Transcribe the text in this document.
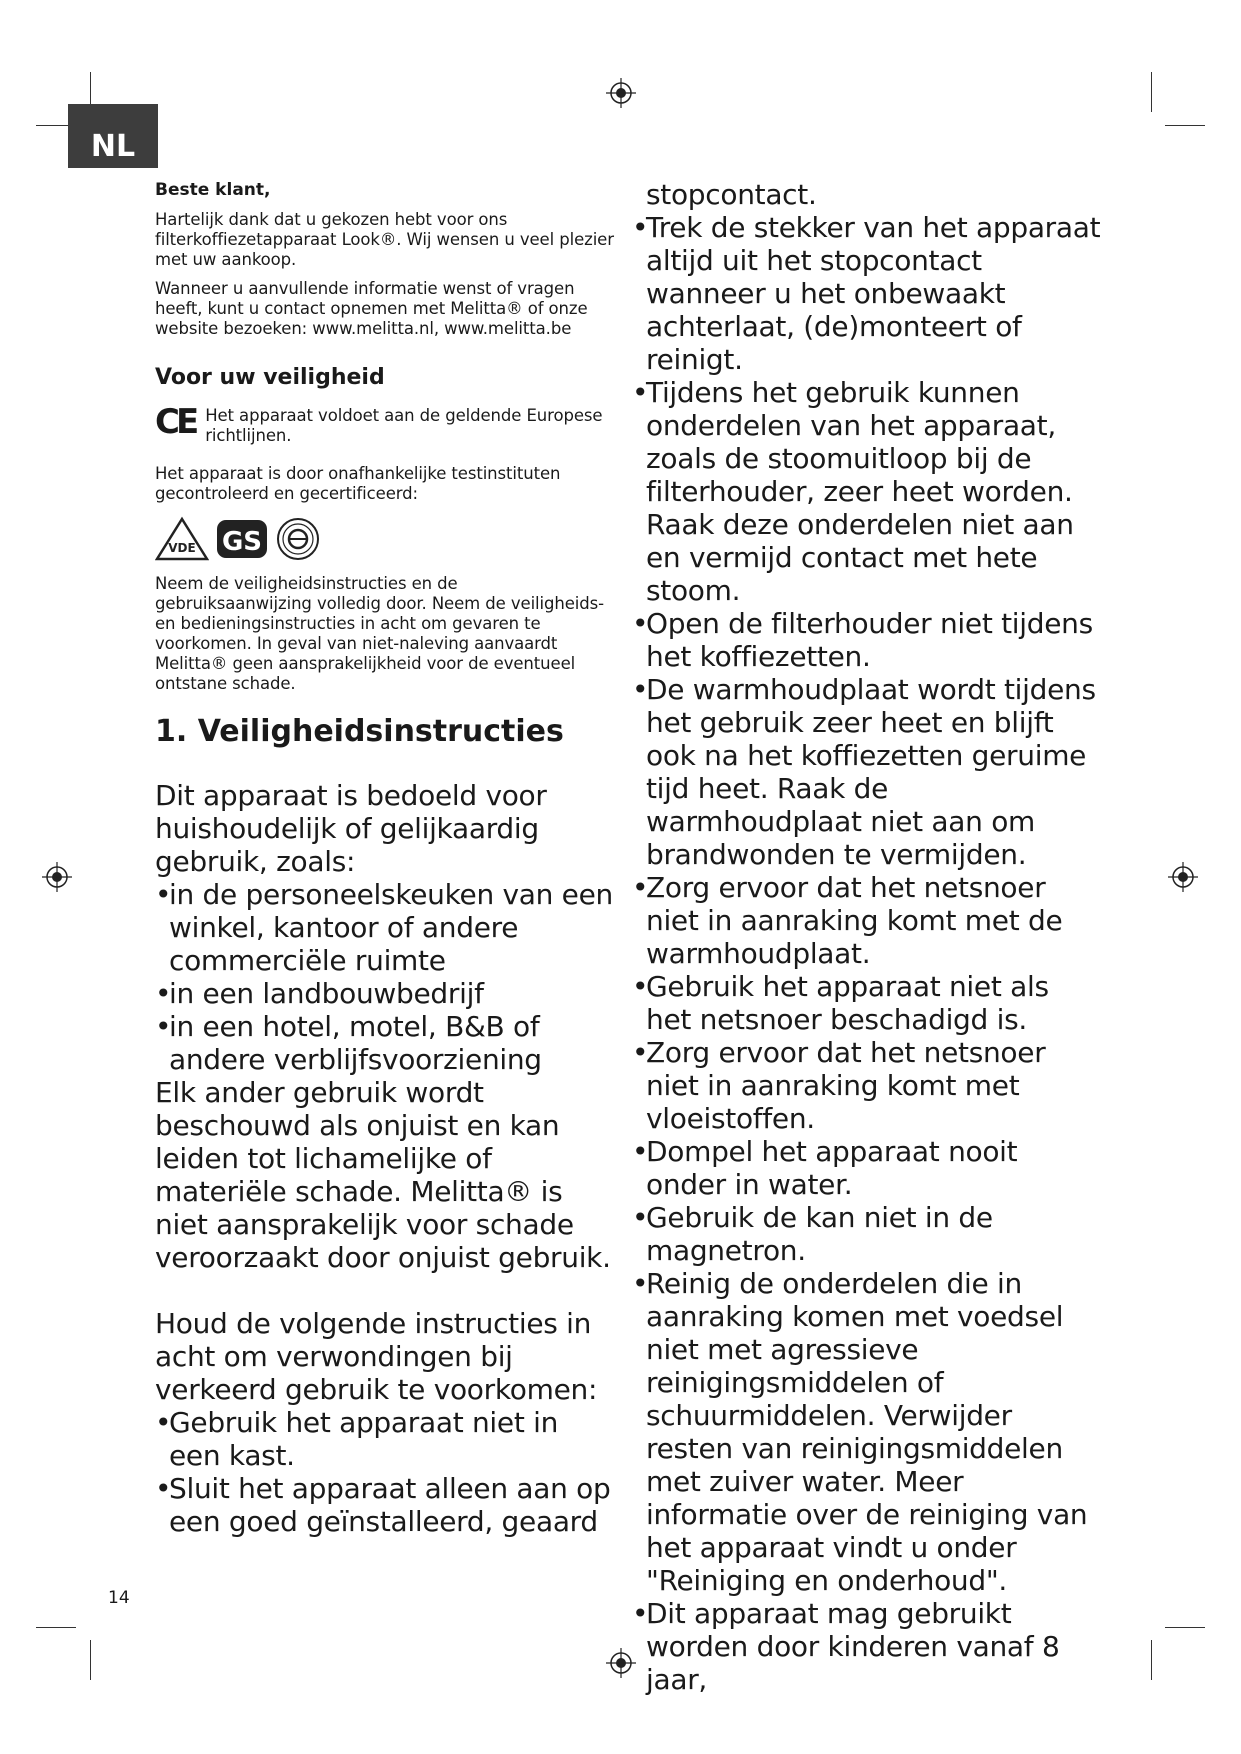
NL

Beste klant,

Hartelijk dank dat u gekozen hebt voor ons filterkoffiezetapparaat Look®. Wij wensen u veel plezier met uw aankoop.

Wanneer u aanvullende informatie wenst of vragen heeft, kunt u contact opnemen met Melitta® of onze website bezoeken: www.melitta.nl, www.melitta.be

Voor uw veiligheid

CE Het apparaat voldoet aan de geldende Europese richtlijnen.

Het apparaat is door onafhankelijke testinstituten gecontroleerd en gecertificeerd:

VDE GS

Neem de veiligheidsinstructies en de gebruiksaanwijzing volledig door. Neem de veiligheids- en bedieningsinstructies in acht om gevaren te voorkomen. In geval van niet-naleving aanvaardt Melitta® geen aansprakelijkheid voor de eventueel ontstane schade.

1. Veiligheidsinstructies

Dit apparaat is bedoeld voor huishoudelijk of gelijkaardig gebruik, zoals:

• in de personeelskeuken van een winkel, kantoor of andere commerciële ruimte
• in een landbouwbedrijf
• in een hotel, motel, B&B of andere verblijfsvoorziening

Elk ander gebruik wordt beschouwd als onjuist en kan leiden tot lichamelijke of materiële schade. Melitta® is niet aansprakelijk voor schade veroorzaakt door onjuist gebruik.

Houd de volgende instructies in acht om verwondingen bij verkeerd gebruik te voorkomen:

• Gebruik het apparaat niet in een kast.
• Sluit het apparaat alleen aan op een goed geïnstalleerd, geaard

stopcontact.

• Trek de stekker van het apparaat altijd uit het stopcontact wanneer u het onbewaakt achterlaat, (de)monteert of reinigt.
• Tijdens het gebruik kunnen onderdelen van het apparaat, zoals de stoomuitloop bij de filterhouder, zeer heet worden. Raak deze onderdelen niet aan en vermijd contact met hete stoom.
• Open de filterhouder niet tijdens het koffiezetten.
• De warmhoudplaat wordt tijdens het gebruik zeer heet en blijft ook na het koffiezetten geruime tijd heet. Raak de warmhoudplaat niet aan om brandwonden te vermijden.
• Zorg ervoor dat het netsnoer niet in aanraking komt met de warmhoudplaat.
• Gebruik het apparaat niet als het netsnoer beschadigd is.
• Zorg ervoor dat het netsnoer niet in aanraking komt met vloeistoffen.
• Dompel het apparaat nooit onder in water.
• Gebruik de kan niet in de magnetron.
• Reinig de onderdelen die in aanraking komen met voedsel niet met agressieve reinigingsmiddelen of schuurmiddelen. Verwijder resten van reinigingsmiddelen met zuiver water. Meer informatie over de reiniging van het apparaat vindt u onder "Reiniging en onderhoud".
• Dit apparaat mag gebruikt worden door kinderen vanaf 8 jaar,
14
